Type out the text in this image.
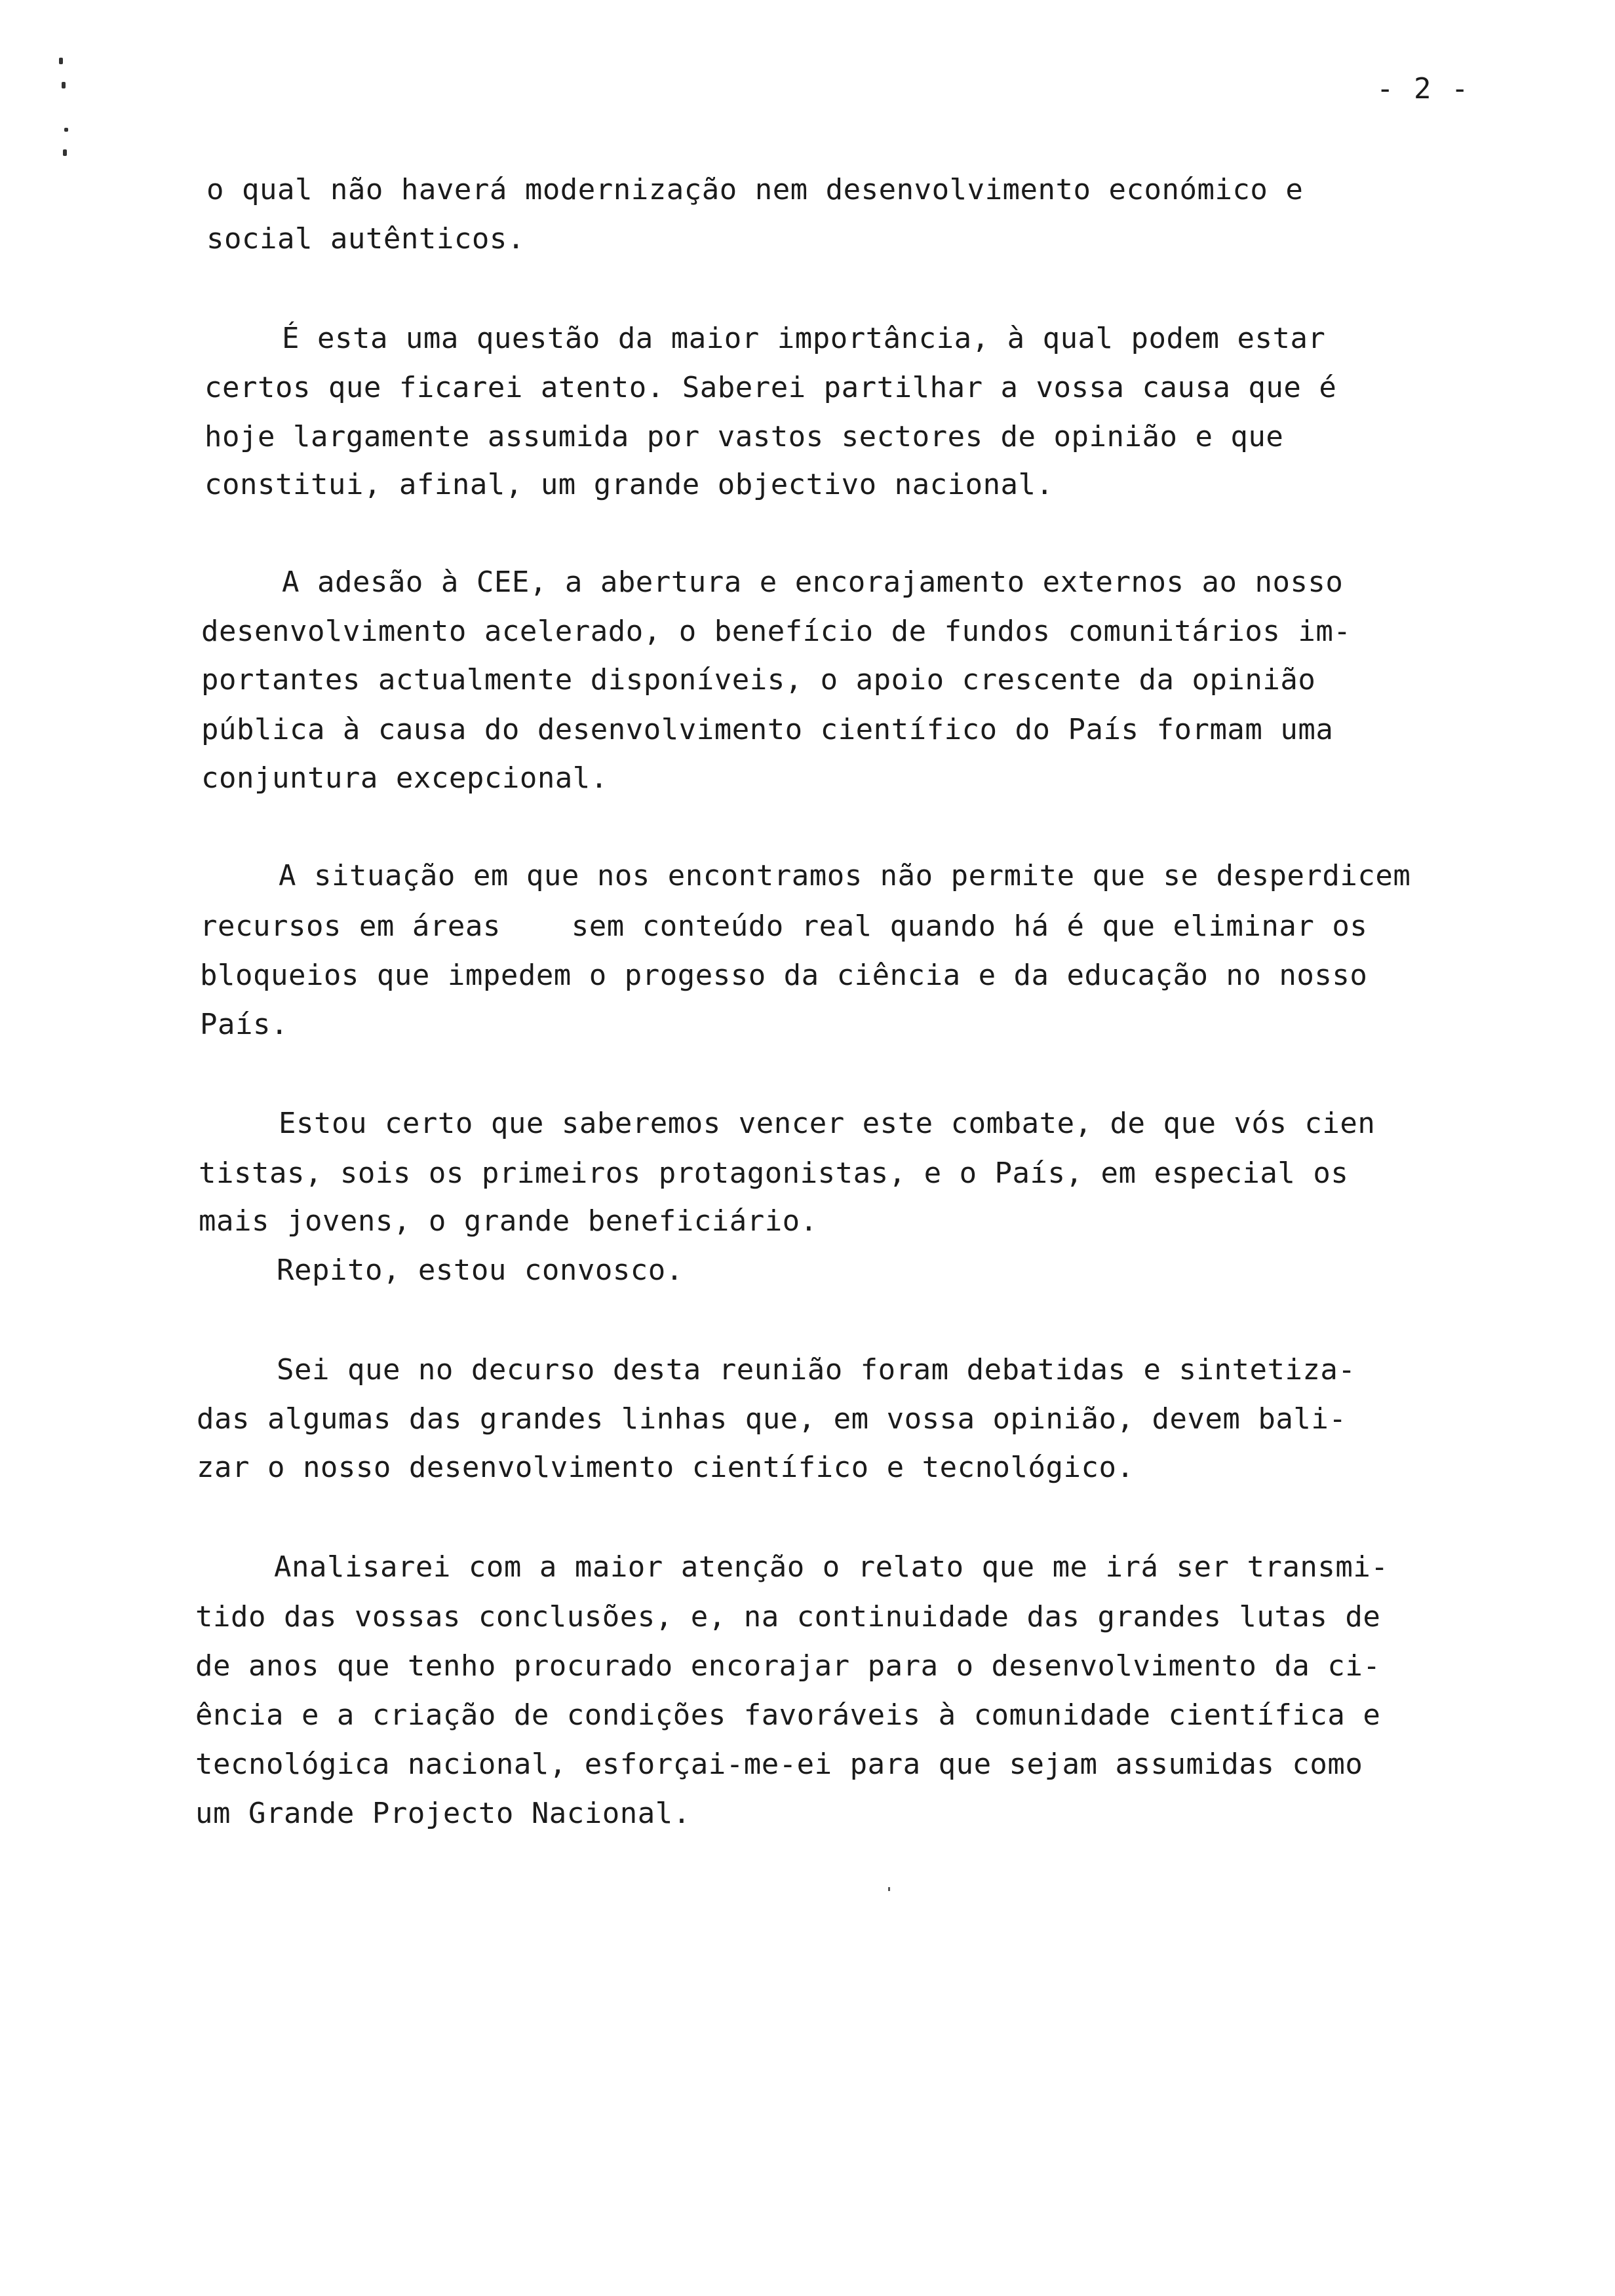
- 2 -
o qual não haverá modernização nem desenvolvimento económico e
social autênticos.
É esta uma questão da maior importância, à qual podem estar
certos que ficarei atento. Saberei partilhar a vossa causa que é
hoje largamente assumida por vastos sectores de opinião e que
constitui, afinal, um grande objectivo nacional.
A adesão à CEE, a abertura e encorajamento externos ao nosso
desenvolvimento acelerado, o benefício de fundos comunitários im-
portantes actualmente disponíveis, o apoio crescente da opinião
pública à causa do desenvolvimento científico do País formam uma
conjuntura excepcional.
A situação em que nos encontramos não permite que se desperdicem
recursos em áreas    sem conteúdo real quando há é que eliminar os
bloqueios que impedem o progesso da ciência e da educação no nosso
País.
Estou certo que saberemos vencer este combate, de que vós cien
tistas, sois os primeiros protagonistas, e o País, em especial os
mais jovens, o grande beneficiário.
Repito, estou convosco.
Sei que no decurso desta reunião foram debatidas e sintetiza-
das algumas das grandes linhas que, em vossa opinião, devem bali-
zar o nosso desenvolvimento científico e tecnológico.
Analisarei com a maior atenção o relato que me irá ser transmi-
tido das vossas conclusões, e, na continuidade das grandes lutas de
de anos que tenho procurado encorajar para o desenvolvimento da ci-
ência e a criação de condições favoráveis à comunidade científica e
tecnológica nacional, esforçai-me-ei para que sejam assumidas como
um Grande Projecto Nacional.
